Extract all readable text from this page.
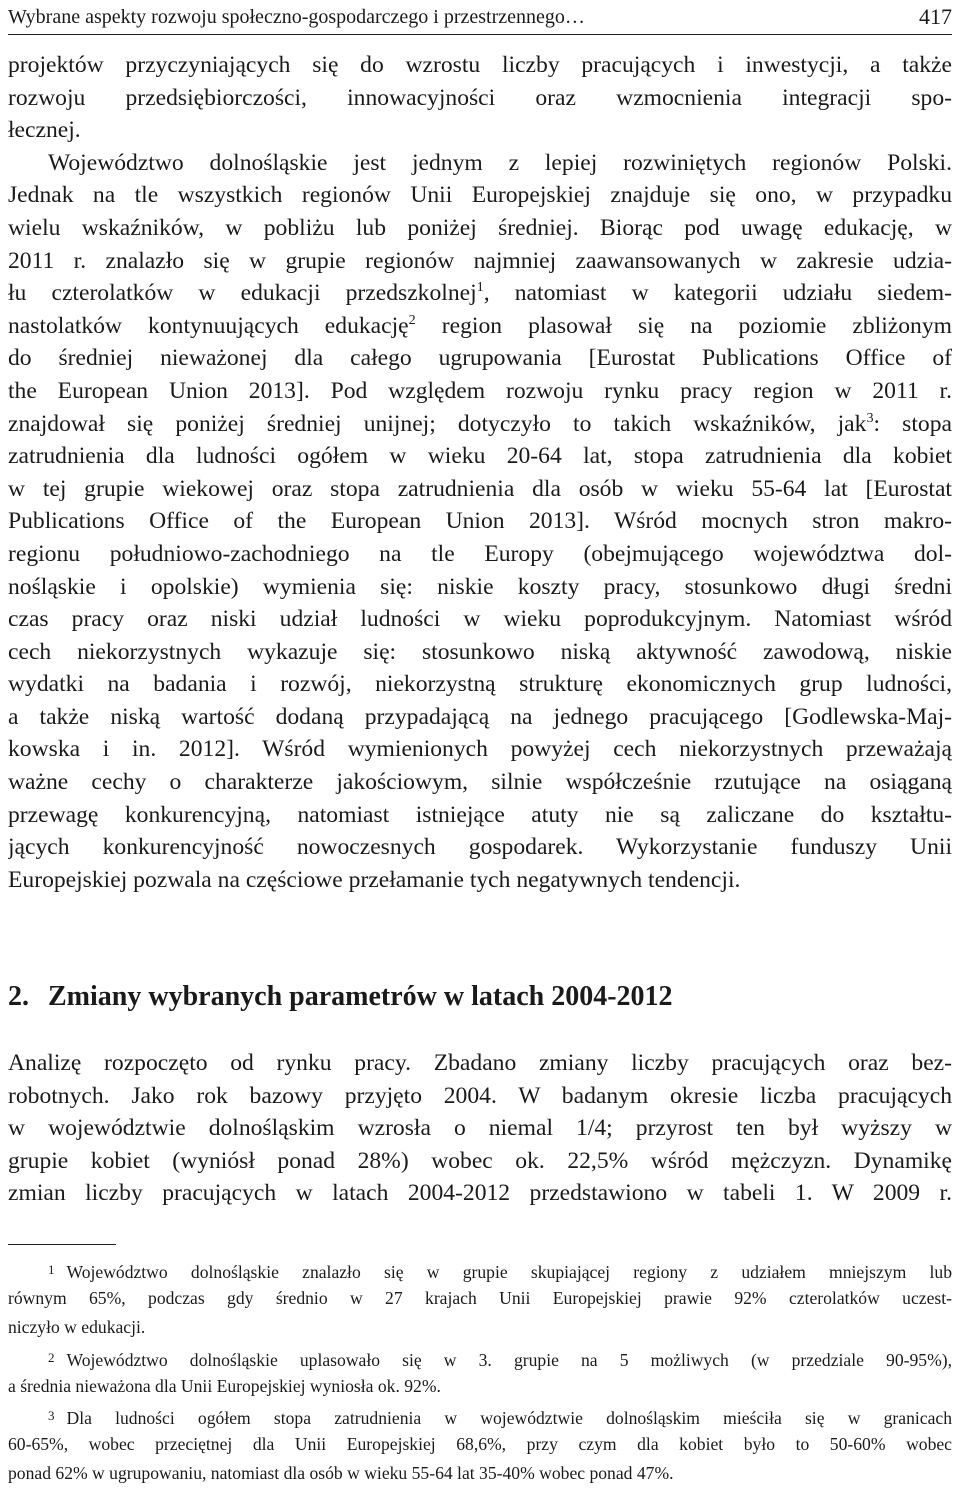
Wybrane aspekty rozwoju społeczno-gospodarczego i przestrzennego…	417
projektów przyczyniających się do wzrostu liczby pracujących i inwestycji, a także
rozwoju przedsiębiorczości, innowacyjności oraz wzmocnienia integracji spo-
łecznej.
Województwo dolnośląskie jest jednym z lepiej rozwiniętych regionów Polski.
Jednak na tle wszystkich regionów Unii Europejskiej znajduje się ono, w przypadku
wielu wskaźników, w pobliżu lub poniżej średniej. Biorąc pod uwagę edukację, w
2011 r. znalazło się w grupie regionów najmniej zaawansowanych w zakresie udzia-
łu czterolatków w edukacji przedszkolnej$^1$, natomiast w kategorii udziału siedem-
nastolatków kontynuujących edukację$^2$ region plasował się na poziomie zbliżonym
do średniej nieważonej dla całego ugrupowania [Eurostat Publications Office of
the European Union 2013]. Pod względem rozwoju rynku pracy region w 2011 r.
znajdował się poniżej średniej unijnej; dotyczyło to takich wskaźników, jak$^3$: stopa
zatrudnienia dla ludności ogółem w wieku 20-64 lat, stopa zatrudnienia dla kobiet
w tej grupie wiekowej oraz stopa zatrudnienia dla osób w wieku 55-64 lat [Eurostat
Publications Office of the European Union 2013]. Wśród mocnych stron makro-
regionu południowo-zachodniego na tle Europy (obejmującego województwa dol-
nośląskie i opolskie) wymienia się: niskie koszty pracy, stosunkowo długi średni
czas pracy oraz niski udział ludności w wieku poprodukcyjnym. Natomiast wśród
cech niekorzystnych wykazuje się: stosunkowo niską aktywność zawodową, niskie
wydatki na badania i rozwój, niekorzystną strukturę ekonomicznych grup ludności,
a także niską wartość dodaną przypadającą na jednego pracującego [Godlewska-Maj-
kowska i in. 2012]. Wśród wymienionych powyżej cech niekorzystnych przeważają
ważne cechy o charakterze jakościowym, silnie współcześnie rzutujące na osiąganą
przewagę konkurencyjną, natomiast istniejące atuty nie są zaliczane do kształtu-
jących konkurencyjność nowoczesnych gospodarek. Wykorzystanie funduszy Unii
Europejskiej pozwala na częściowe przełamanie tych negatywnych tendencji.
2. Zmiany wybranych parametrów w latach 2004-2012
Analizę rozpoczęto od rynku pracy. Zbadano zmiany liczby pracujących oraz bez-
robotnych. Jako rok bazowy przyjęto 2004. W badanym okresie liczba pracujących
w województwie dolnośląskim wzrosła o niemal 1/4; przyrost ten był wyższy w
grupie kobiet (wyniósł ponad 28%) wobec ok. 22,5% wśród mężczyzn. Dynamikę
zmian liczby pracujących w latach 2004-2012 przedstawiono w tabeli 1. W 2009 r.
$^1$ Województwo dolnośląskie znalazło się w grupie skupiającej regiony z udziałem mniejszym lub
równym 65%, podczas gdy średnio w 27 krajach Unii Europejskiej prawie 92% czterolatków uczest-
niczyło w edukacji.
$^2$ Województwo dolnośląskie uplasowało się w 3. grupie na 5 możliwych (w przedziale 90-95%),
a średnia nieważona dla Unii Europejskiej wyniosła ok. 92%.
$^3$ Dla ludności ogółem stopa zatrudnienia w województwie dolnośląskim mieściła się w granicach
60-65%, wobec przeciętnej dla Unii Europejskiej 68,6%, przy czym dla kobiet było to 50-60% wobec
ponad 62% w ugrupowaniu, natomiast dla osób w wieku 55-64 lat 35-40% wobec ponad 47%.
